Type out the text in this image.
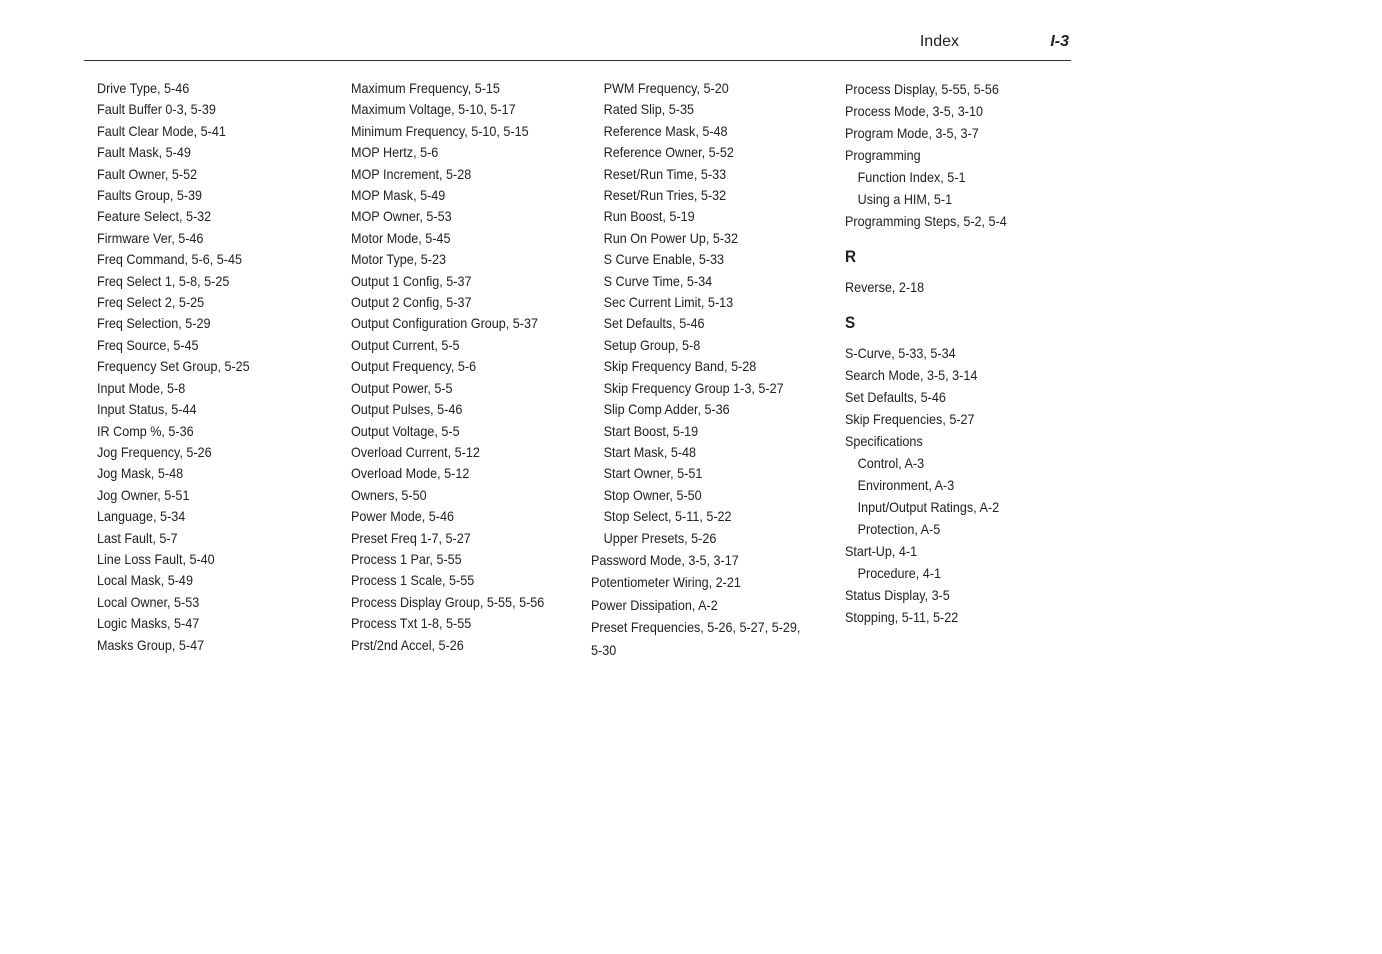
Index	I-3
Drive Type, 5-46
Fault Buffer 0-3, 5-39
Fault Clear Mode, 5-41
Fault Mask, 5-49
Fault Owner, 5-52
Faults Group, 5-39
Feature Select, 5-32
Firmware Ver, 5-46
Freq Command, 5-6, 5-45
Freq Select 1, 5-8, 5-25
Freq Select 2, 5-25
Freq Selection, 5-29
Freq Source, 5-45
Frequency Set Group, 5-25
Input Mode, 5-8
Input Status, 5-44
IR Comp %, 5-36
Jog Frequency, 5-26
Jog Mask, 5-48
Jog Owner, 5-51
Language, 5-34
Last Fault, 5-7
Line Loss Fault, 5-40
Local Mask, 5-49
Local Owner, 5-53
Logic Masks, 5-47
Masks Group, 5-47
Maximum Frequency, 5-15
Maximum Voltage, 5-10, 5-17
Minimum Frequency, 5-10, 5-15
MOP Hertz, 5-6
MOP Increment, 5-28
MOP Mask, 5-49
MOP Owner, 5-53
Motor Mode, 5-45
Motor Type, 5-23
Output 1 Config, 5-37
Output 2 Config, 5-37
Output Configuration Group, 5-37
Output Current, 5-5
Output Frequency, 5-6
Output Power, 5-5
Output Pulses, 5-46
Output Voltage, 5-5
Overload Current, 5-12
Overload Mode, 5-12
Owners, 5-50
Power Mode, 5-46
Preset Freq 1-7, 5-27
Process 1 Par, 5-55
Process 1 Scale, 5-55
Process Display Group, 5-55, 5-56
Process Txt 1-8, 5-55
Prst/2nd Accel, 5-26
PWM Frequency, 5-20
Rated Slip, 5-35
Reference Mask, 5-48
Reference Owner, 5-52
Reset/Run Time, 5-33
Reset/Run Tries, 5-32
Run Boost, 5-19
Run On Power Up, 5-32
S Curve Enable, 5-33
S Curve Time, 5-34
Sec Current Limit, 5-13
Set Defaults, 5-46
Setup Group, 5-8
Skip Frequency Band, 5-28
Skip Frequency Group 1-3, 5-27
Slip Comp Adder, 5-36
Start Boost, 5-19
Start Mask, 5-48
Start Owner, 5-51
Stop Owner, 5-50
Stop Select, 5-11, 5-22
Upper Presets, 5-26
Password Mode, 3-5, 3-17
Potentiometer Wiring, 2-21
Power Dissipation, A-2
Preset Frequencies, 5-26, 5-27, 5-29,
5-30
Process Display, 5-55, 5-56
Process Mode, 3-5, 3-10
Program Mode, 3-5, 3-7
Programming
Function Index, 5-1
Using a HIM, 5-1
Programming Steps, 5-2, 5-4
R
Reverse, 2-18
S
S-Curve, 5-33, 5-34
Search Mode, 3-5, 3-14
Set Defaults, 5-46
Skip Frequencies, 5-27
Specifications
Control, A-3
Environment, A-3
Input/Output Ratings, A-2
Protection, A-5
Start-Up, 4-1
Procedure, 4-1
Status Display, 3-5
Stopping, 5-11, 5-22
